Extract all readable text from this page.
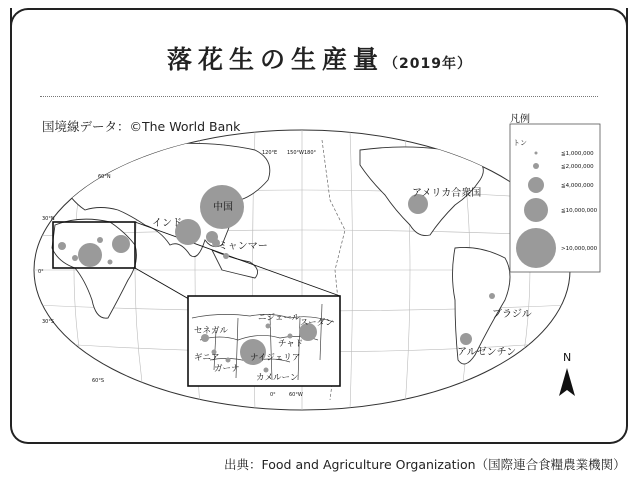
落花生の生産量（2019年）
国境線データ：©The World Bank
出典：Food and Agriculture Organization（国際連合食糧農業機関）
120°E 150°W180°
60°N
30°N
0°
30°S
60°S
0°	60°W
中国
インド
ミャンマー
アメリカ合衆国
ブラジル
アルゼンチン
ニジェール スーダン
セネガル
チャド
ギニア	ナイジェリア
ガーナ
カメルーン
凡例
トン
≦1,000,000
≦2,000,000
≦4,000,000
≦10,000,000
>10,000,000
N
